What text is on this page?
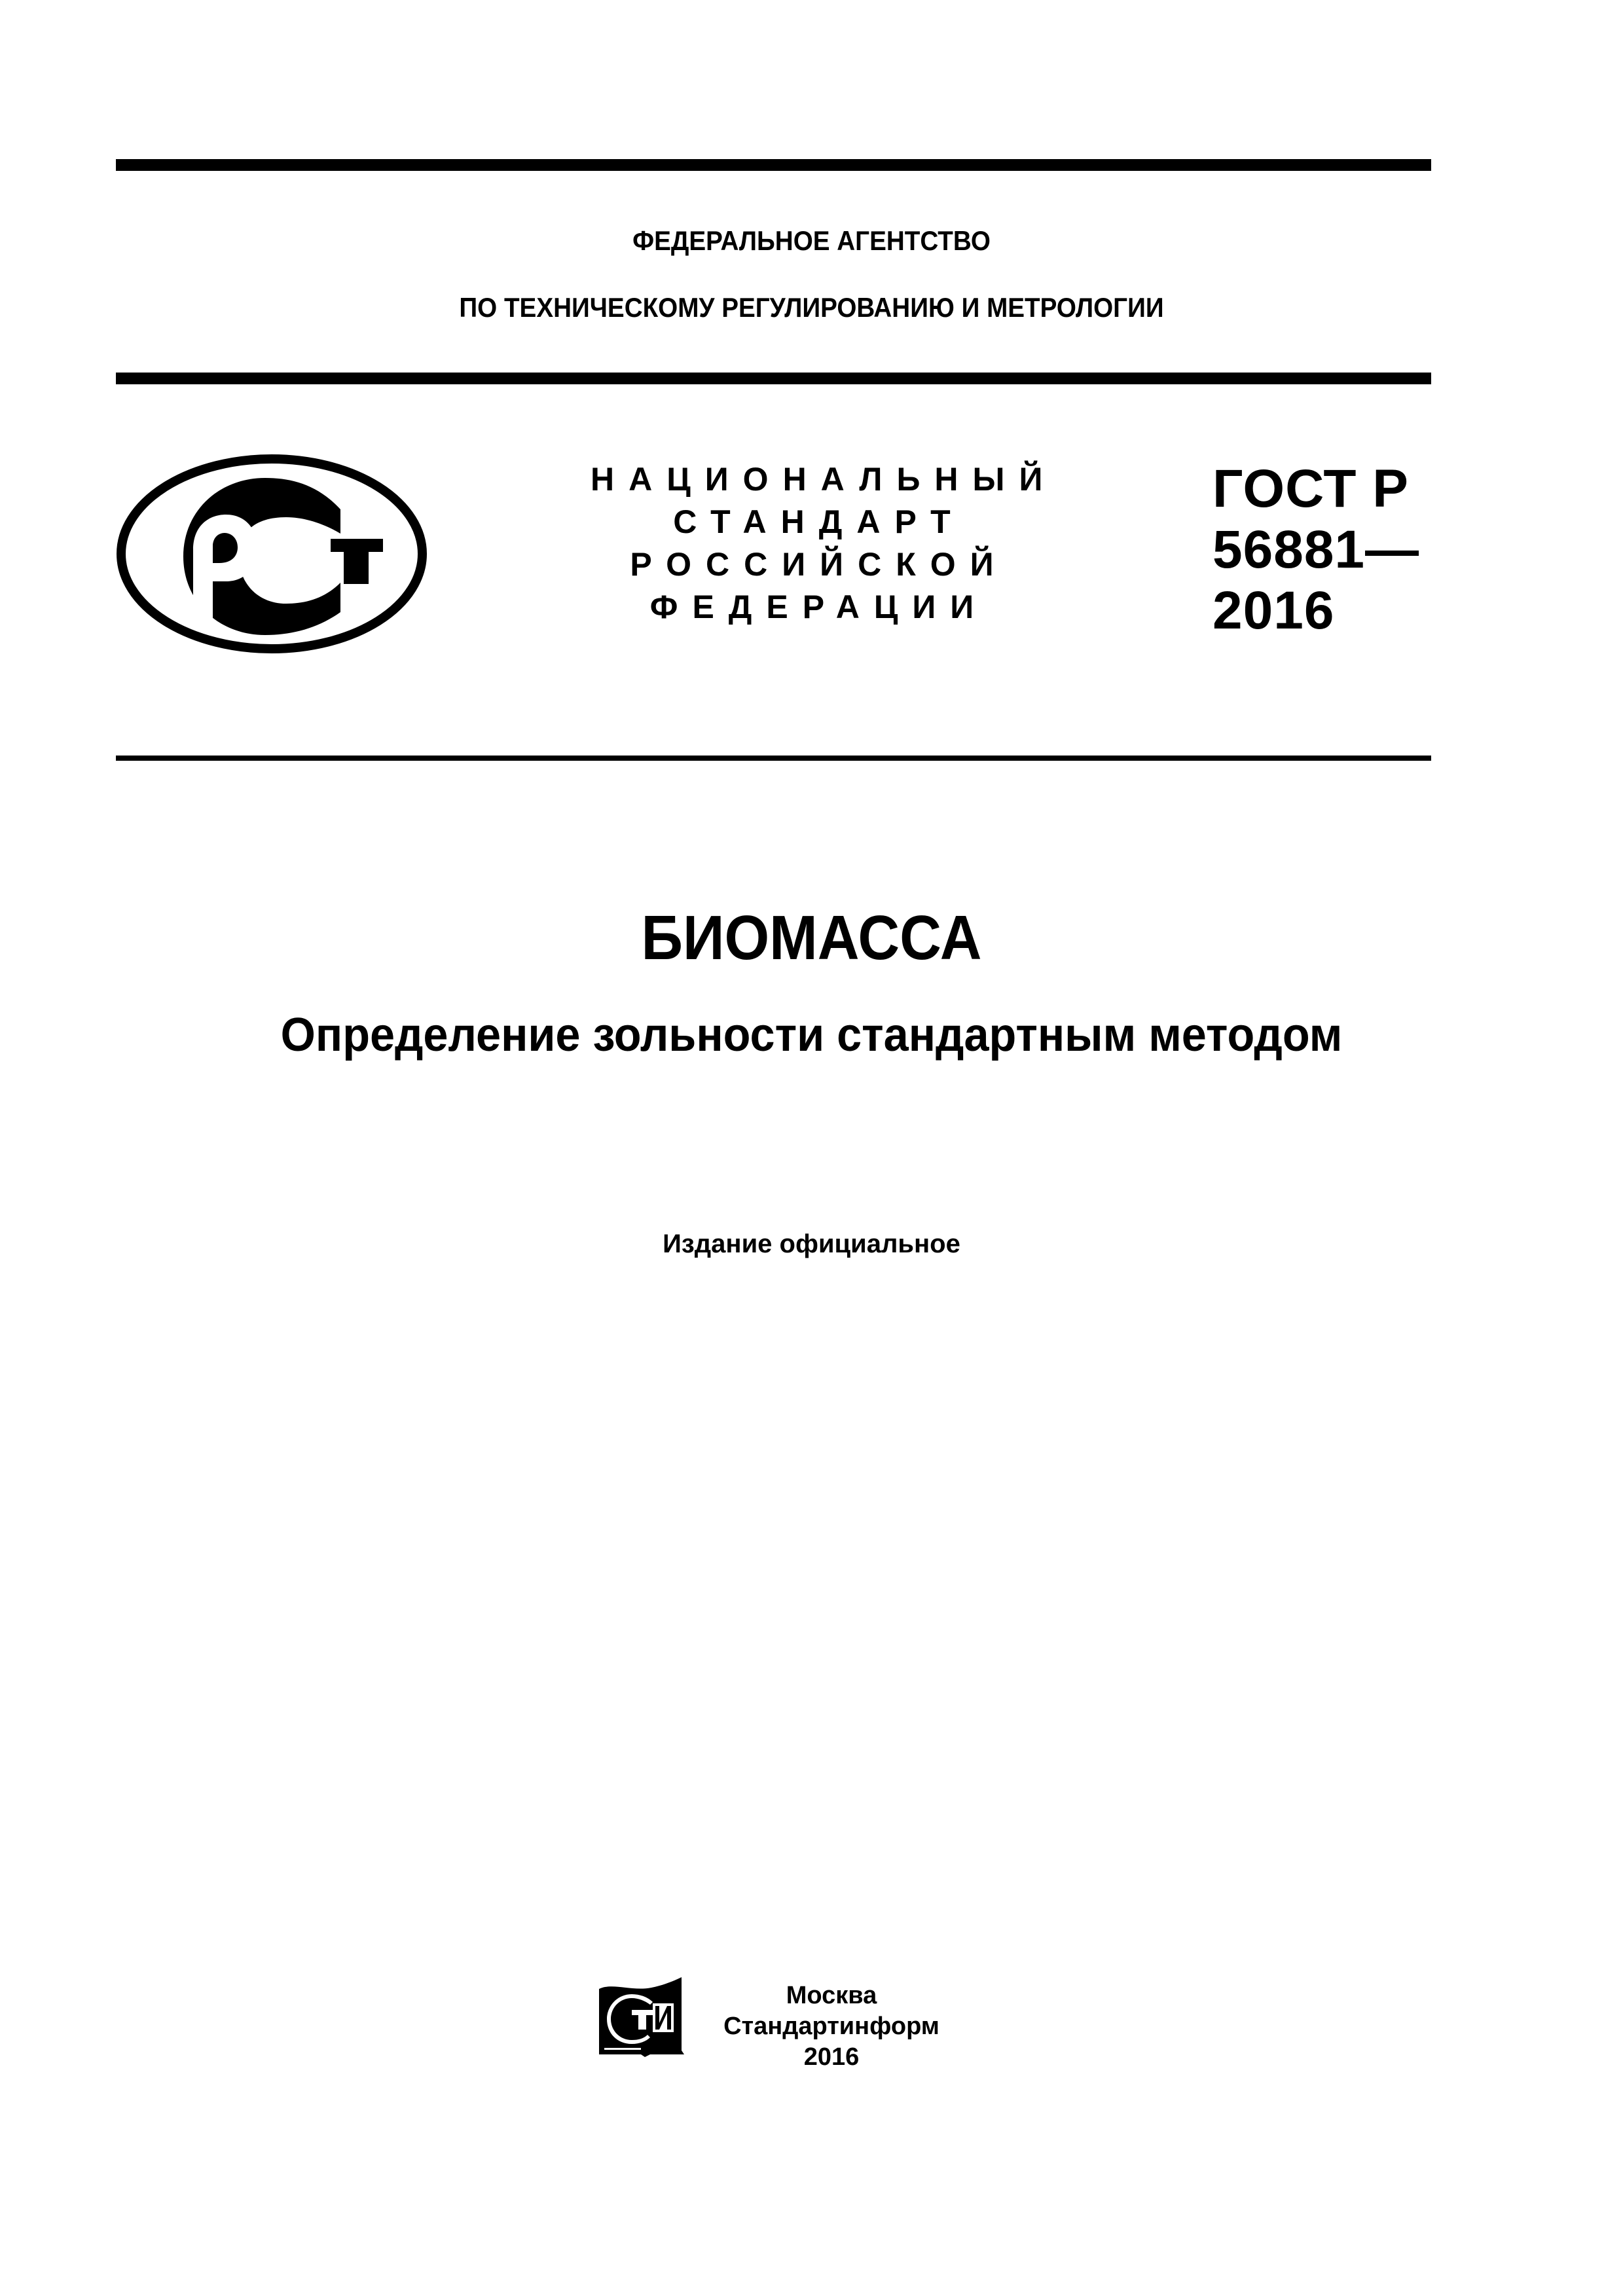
ФЕДЕРАЛЬНОЕ АГЕНТСТВО
ПО ТЕХНИЧЕСКОМУ РЕГУЛИРОВАНИЮ И МЕТРОЛОГИИ
НАЦИОНАЛЬНЫЙ
СТАНДАРТ
РОССИЙСКОЙ
ФЕДЕРАЦИИ
ГОСТ Р
56881—
2016
БИОМАССА
Определение зольности стандартным методом
Издание официальное
Москва
Стандартинформ
2016
